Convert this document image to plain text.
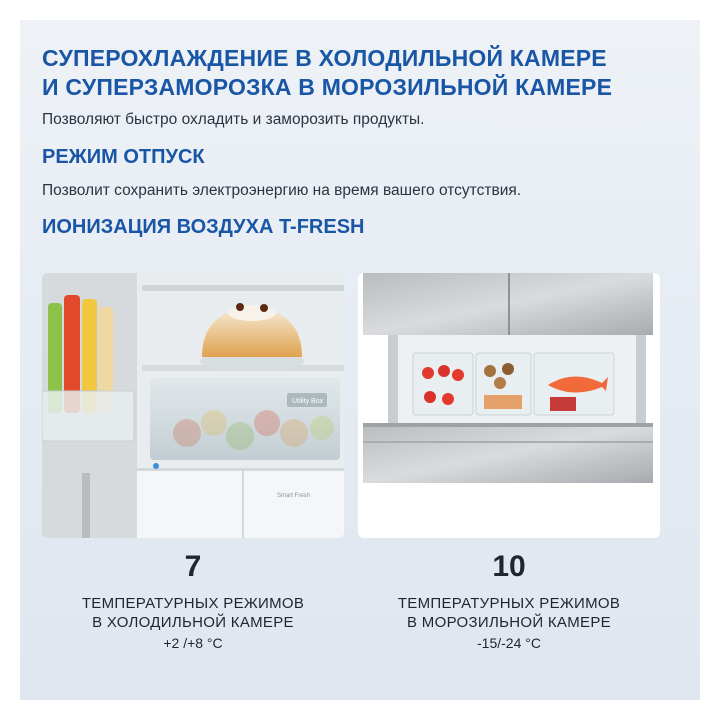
СУПЕРОХЛАЖДЕНИЕ В ХОЛОДИЛЬНОЙ КАМЕРЕ
И СУПЕРЗАМОРОЗКА В МОРОЗИЛЬНОЙ КАМЕРЕ
Позволяют быстро охладить и заморозить продукты.
РЕЖИМ ОТПУСК
Позволит сохранить электроэнергию на время вашего отсутствия.
ИОНИЗАЦИЯ ВОЗДУХА T-FRESH
Utility Box
Smart Fresh
7
ТЕМПЕРАТУРНЫХ РЕЖИМОВ
В ХОЛОДИЛЬНОЙ КАМЕРЕ
+2 /+8 °С
10
ТЕМПЕРАТУРНЫХ РЕЖИМОВ
В МОРОЗИЛЬНОЙ КАМЕРЕ
-15/-24 °С
